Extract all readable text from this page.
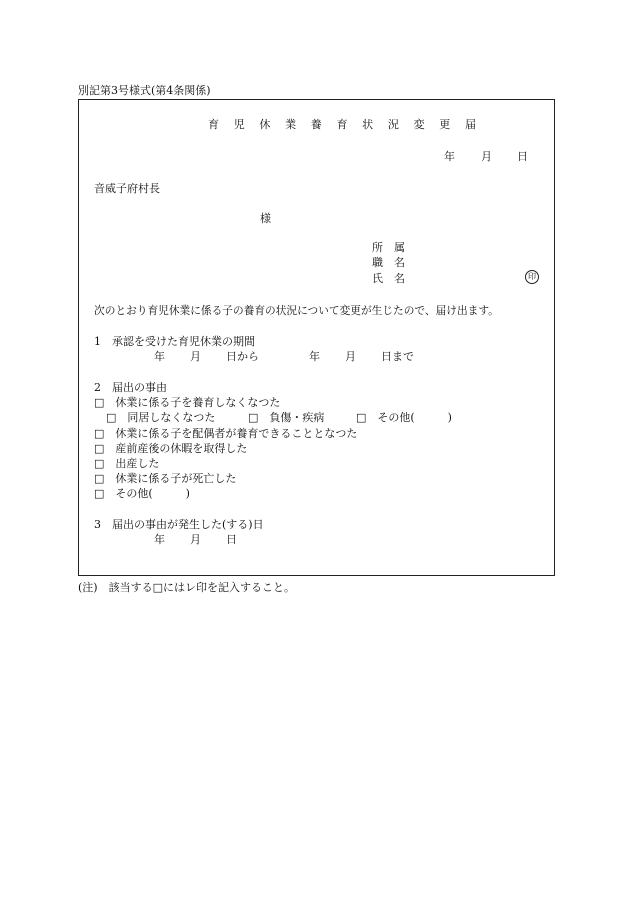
別記第3号様式(第4条関係)
育 児 休 業 養 育 状 況 変 更 届
年 月 日
音威子府村長
様
所　属
職　名
氏　名	印
次のとおり育児休業に係る子の養育の状況について変更が生じたので、届け出ます。
1　承認を受けた育児休業の期間
年 月 日から	年 月 日まで
2　届出の事由
□　休業に係る子を養育しなくなつた
□　同居しなくなつた	□　負傷・疾病	□　その他(　　　)
□　休業に係る子を配偶者が養育できることとなつた
□　産前産後の休暇を取得した
□　出産した
□　休業に係る子が死亡した
□　その他(　　　)
3　届出の事由が発生した(する)日
年 月 日
(注)　該当する□にはレ印を記入すること。
